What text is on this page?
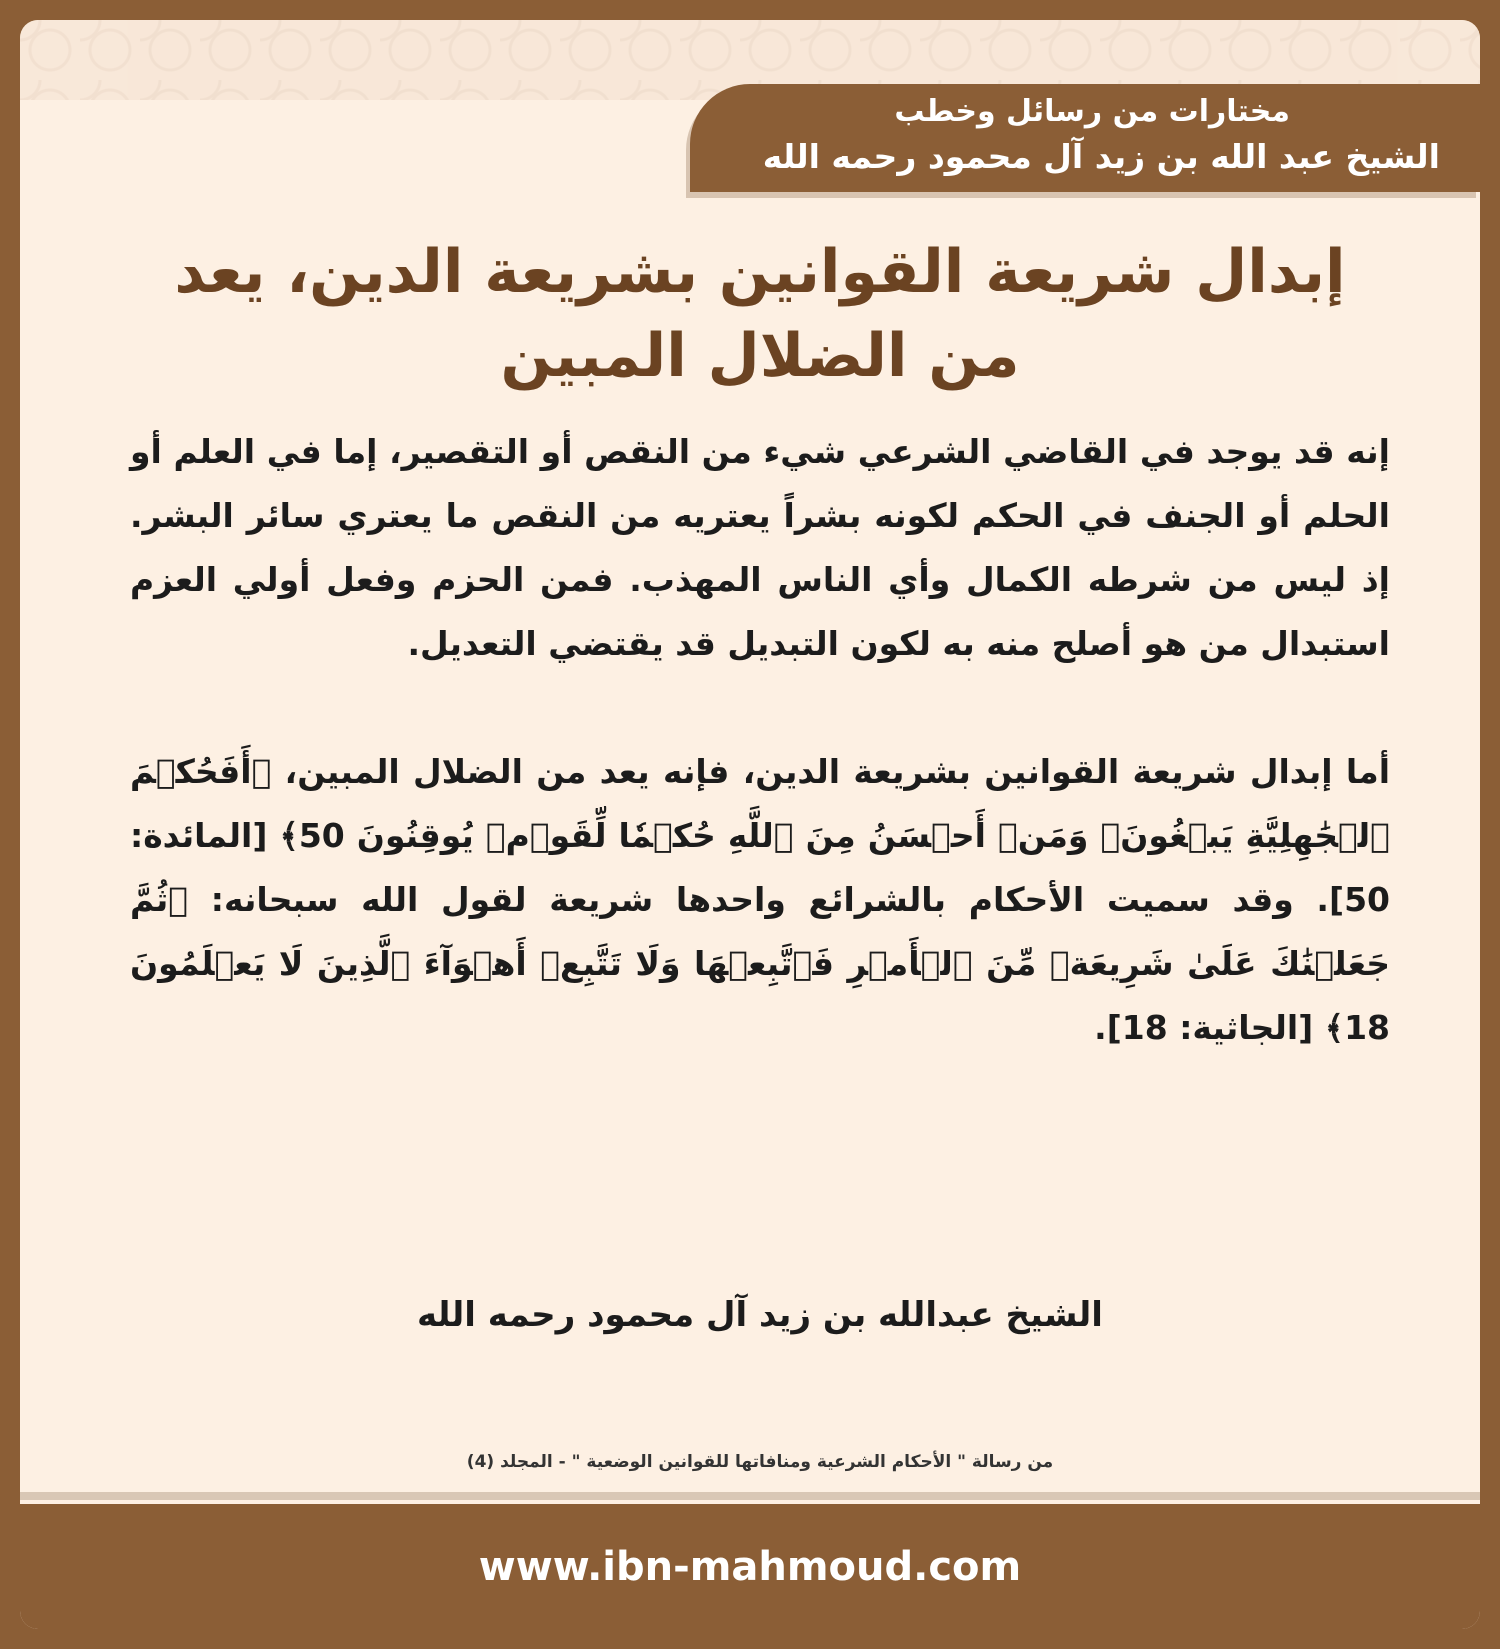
مختارات من رسائل وخطب
الشيخ عبد الله بن زيد آل محمود رحمه الله
إبدال شريعة القوانين بشريعة الدين، يعد من الضلال المبين

إنه قد يوجد في القاضي الشرعي شيء من النقص أو التقصير، إما في العلم أو الحلم أو الجنف في الحكم لكونه بشراً يعتريه من النقص ما يعتري سائر البشر. إذ ليس من شرطه الكمال وأي الناس المهذب. فمن الحزم وفعل أولي العزم استبدال من هو أصلح منه به لكون التبديل قد يقتضي التعديل.

أما إبدال شريعة القوانين بشريعة الدين، فإنه يعد من الضلال المبين، ﴿أَفَحُكۡمَ ٱلۡجَٰهِلِيَّةِ يَبۡغُونَۚ وَمَنۡ أَحۡسَنُ مِنَ ٱللَّهِ حُكۡمٗا لِّقَوۡمٖ يُوقِنُونَ 50﴾ [المائدة: 50]. وقد سميت الأحكام بالشرائع واحدها شريعة لقول الله سبحانه: ﴿ثُمَّ جَعَلۡنَٰكَ عَلَىٰ شَرِيعَةٖ مِّنَ ٱلۡأَمۡرِ فَٱتَّبِعۡهَا وَلَا تَتَّبِعۡ أَهۡوَآءَ ٱلَّذِينَ لَا يَعۡلَمُونَ 18﴾ [الجاثية: 18].

الشيخ عبدالله بن زيد آل محمود رحمه الله
من رسالة " الأحكام الشرعية ومنافاتها للقوانين الوضعية " - المجلد (4)
www.ibn-mahmoud.com
